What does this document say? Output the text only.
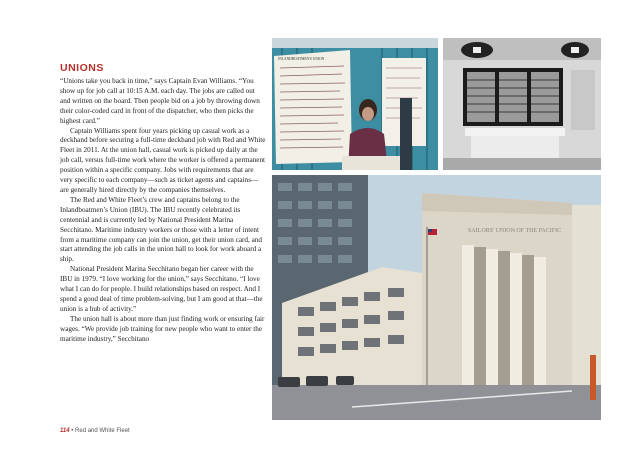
UNIONS

“Unions take you back in time,” says Captain Evan Williams. “You show up for job call at 10:15 A.M. each day. The jobs are called out and written on the board. Then people bid on a job by throwing down their color-coded card in front of the dispatcher, who then picks the highest card.”

Captain Williams spent four years picking up casual work as a deckhand before securing a full-time deckhand job with Red and White Fleet in 2011. At the union hall, casual work is picked up daily at the job call, versus full-time work where the worker is offered a permanent position within a specific company. Jobs with requirements that are very specific to each company—such as ticket agents and captains—are generally hired directly by the companies themselves.

The Red and White Fleet’s crew and captains belong to the Inlandboatmen’s Union (IBU). The IBU recently celebrated its centennial and is currently led by National President Marina Secchitano. Maritime industry workers or those with a letter of intent from a maritime company can join the union, get their union card, and start attending the job calls in the union hall to look for work aboard a ship.

National President Marina Secchitano began her career with the IBU in 1979. “I love working for the union,” says Secchitano. “I love what I can do for people. I build relationships based on respect. And I spend a good deal of time problem-solving, but I am good at that—the union is a hub of activity.”

The union hall is about more than just finding work or ensuring fair wages. “We provide job training for new people who want to enter the maritime industry,” Secchitano

114 • Red and White Fleet
INLANDBOATMEN'S UNION
SAILORS' UNION OF THE PACIFIC
